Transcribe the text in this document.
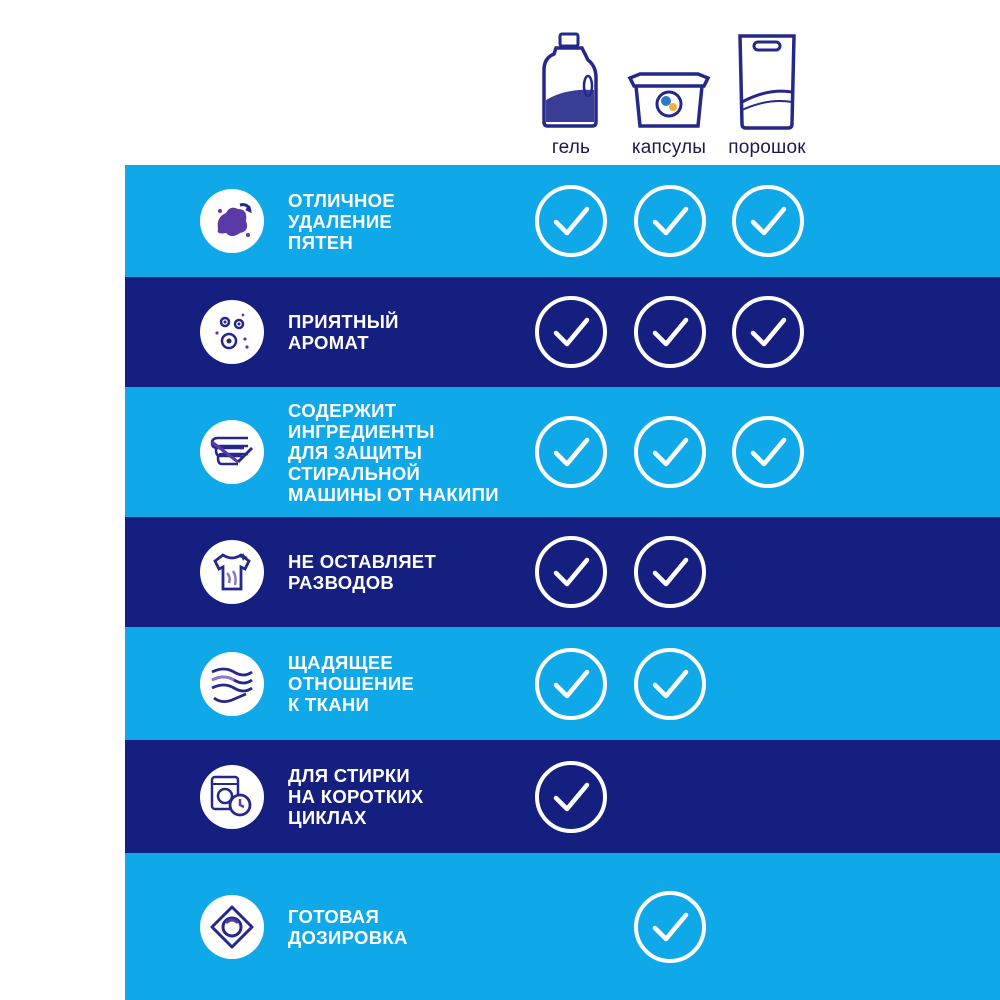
гель	капсулы	порошок
ОТЛИЧНОЕ
УДАЛЕНИЕ
ПЯТЕН
ПРИЯТНЫЙ
АРОМАТ
СОДЕРЖИТ
ИНГРЕДИЕНТЫ
ДЛЯ ЗАЩИТЫ
СТИРАЛЬНОЙ
МАШИНЫ ОТ НАКИПИ
НЕ ОСТАВЛЯЕТ
РАЗВОДОВ
ЩАДЯЩЕЕ
ОТНОШЕНИЕ
К ТКАНИ
ДЛЯ СТИРКИ
НА КОРОТКИХ
ЦИКЛАХ
ГОТОВАЯ
ДОЗИРОВКА
